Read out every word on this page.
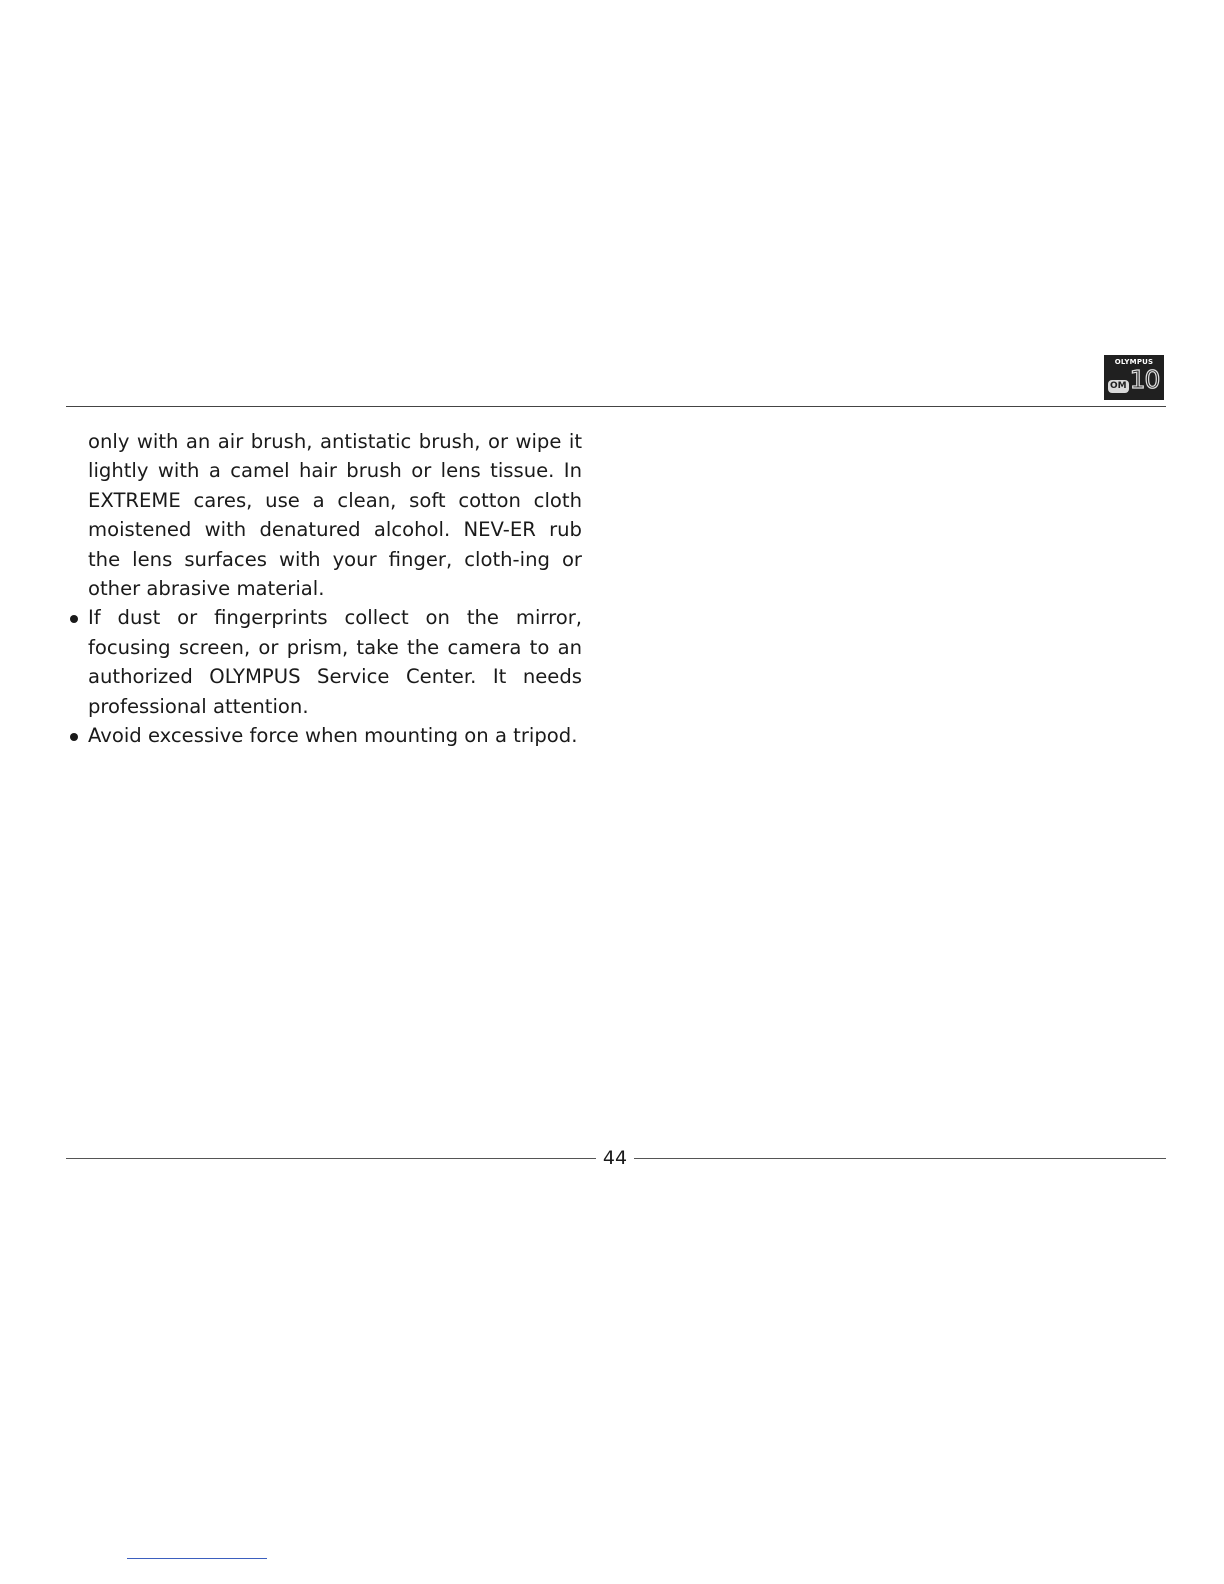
OLYMPUS
OM 10

only with an air brush, antistatic brush, or wipe it lightly with a camel hair brush or lens tissue. In EXTREME cares, use a clean, soft cotton cloth moistened with denatured alcohol. NEV-ER rub the lens surfaces with your finger, cloth-ing or other abrasive material.

If dust or fingerprints collect on the mirror, focusing screen, or prism, take the camera to an authorized OLYMPUS Service Center. It needs professional attention.
Avoid excessive force when mounting on a tripod.
44
